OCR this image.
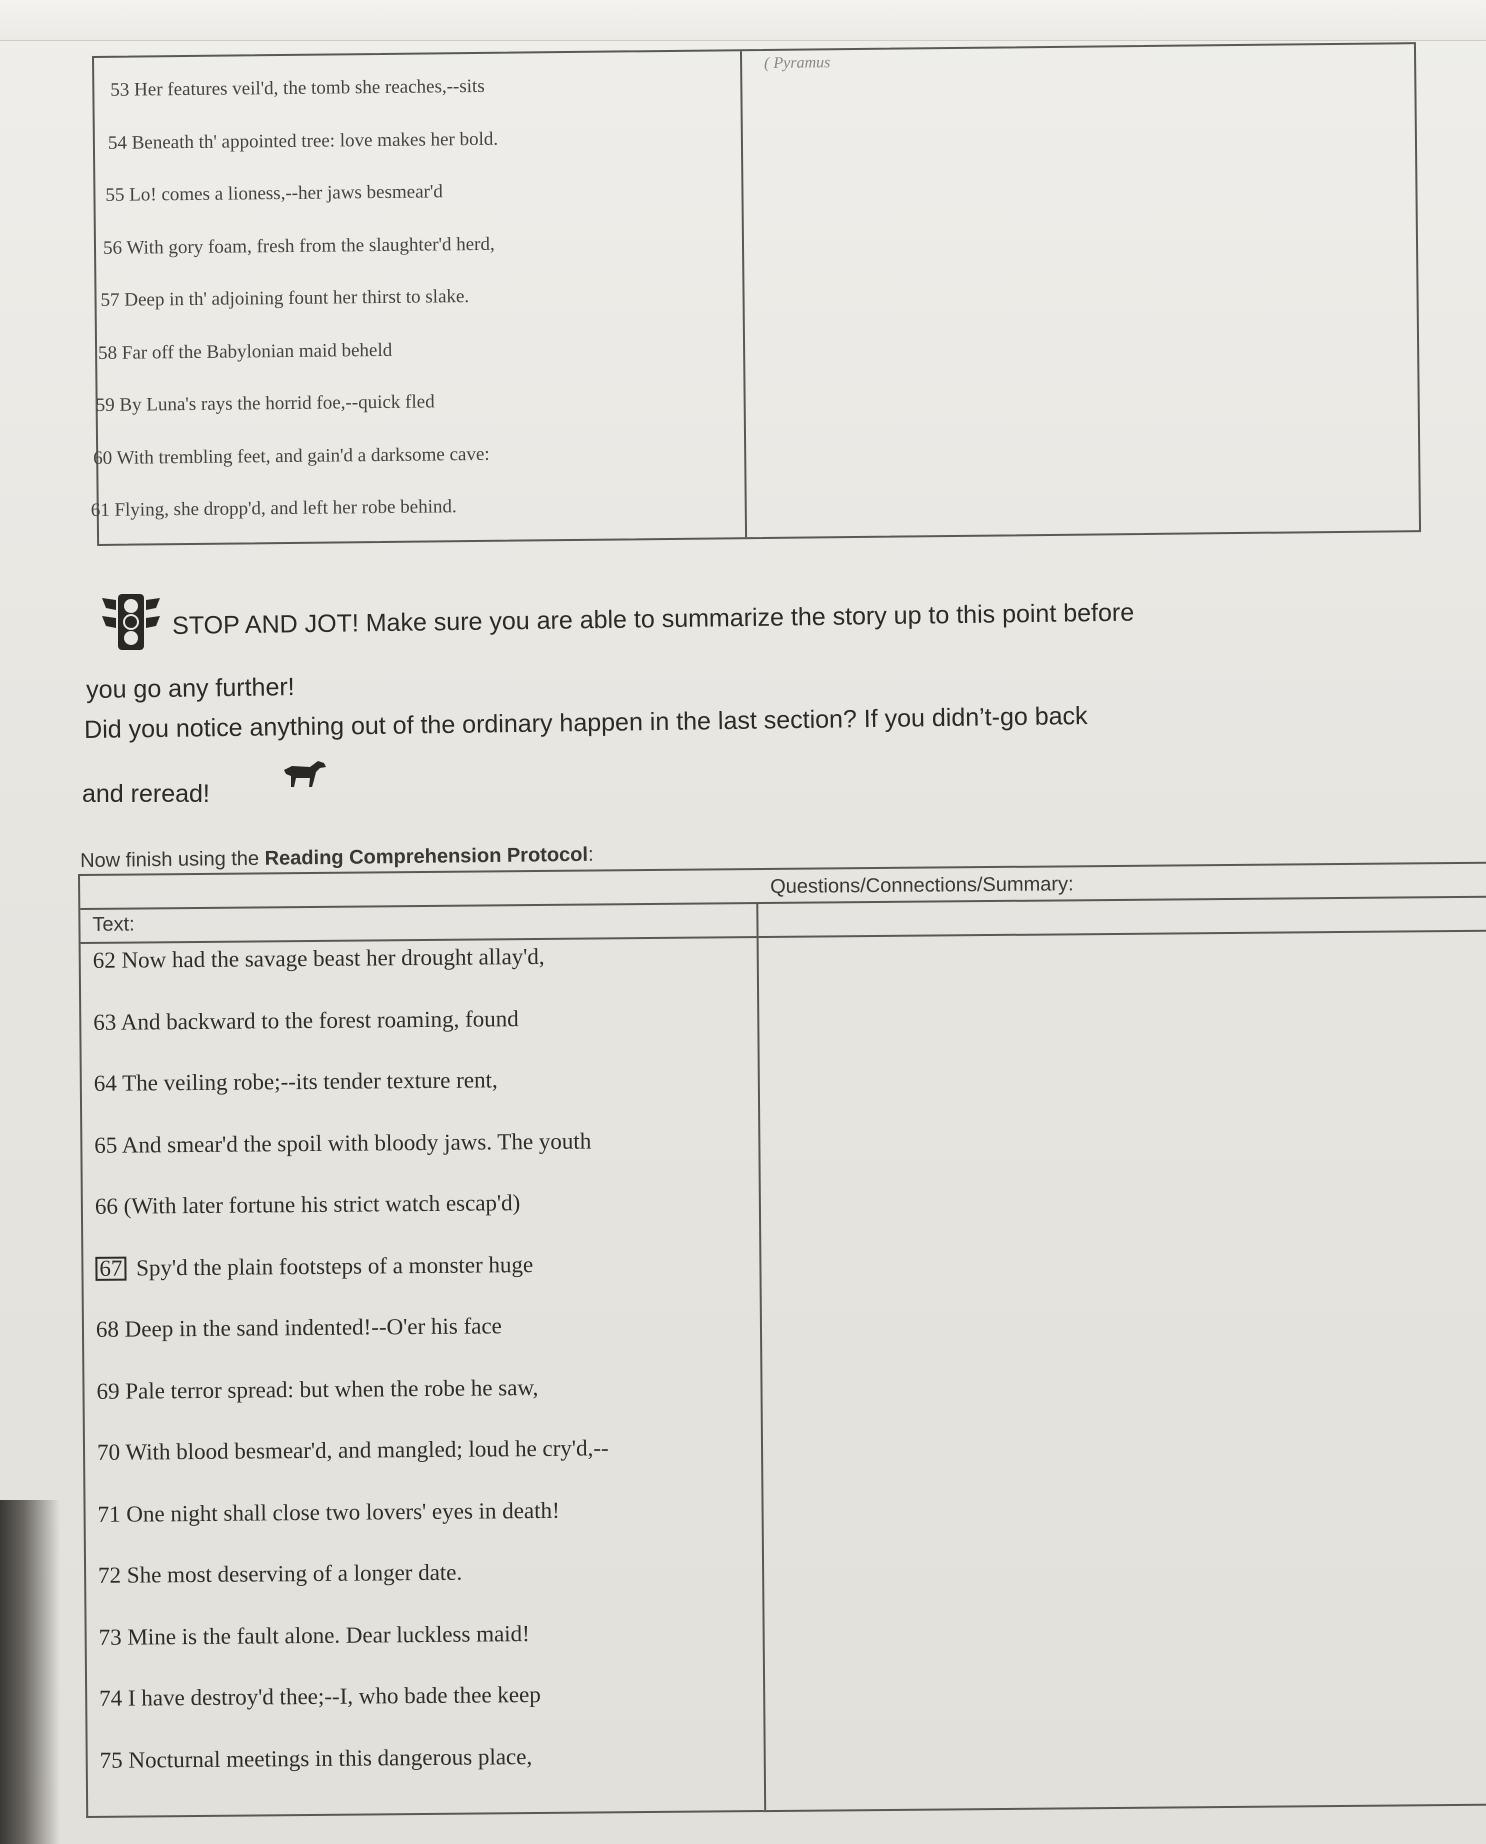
( Pyramus
53 Her features veil'd, the tomb she reaches,--sits
54 Beneath th' appointed tree: love makes her bold.
55 Lo! comes a lioness,--her jaws besmear'd
56 With gory foam, fresh from the slaughter'd herd,
57 Deep in th' adjoining fount her thirst to slake.
58 Far off the Babylonian maid beheld
59 By Luna's rays the horrid foe,--quick fled
60 With trembling feet, and gain'd a darksome cave:
61 Flying, she dropp'd, and left her robe behind.
STOP AND JOT! Make sure you are able to summarize the story up to this point before
you go any further!
Did you notice anything out of the ordinary happen in the last section? If you didn’t-go back
and reread!
Now finish using the Reading Comprehension Protocol:
Text:
Questions/Connections/Summary:
62 Now had the savage beast her drought allay'd,
63 And backward to the forest roaming, found
64 The veiling robe;--its tender texture rent,
65 And smear'd the spoil with bloody jaws. The youth
66 (With later fortune his strict watch escap'd)
67 Spy'd the plain footsteps of a monster huge
68 Deep in the sand indented!--O'er his face
69 Pale terror spread: but when the robe he saw,
70 With blood besmear'd, and mangled; loud he cry'd,--
71 One night shall close two lovers' eyes in death!
72 She most deserving of a longer date.
73 Mine is the fault alone. Dear luckless maid!
74 I have destroy'd thee;--I, who bade thee keep
75 Nocturnal meetings in this dangerous place,
